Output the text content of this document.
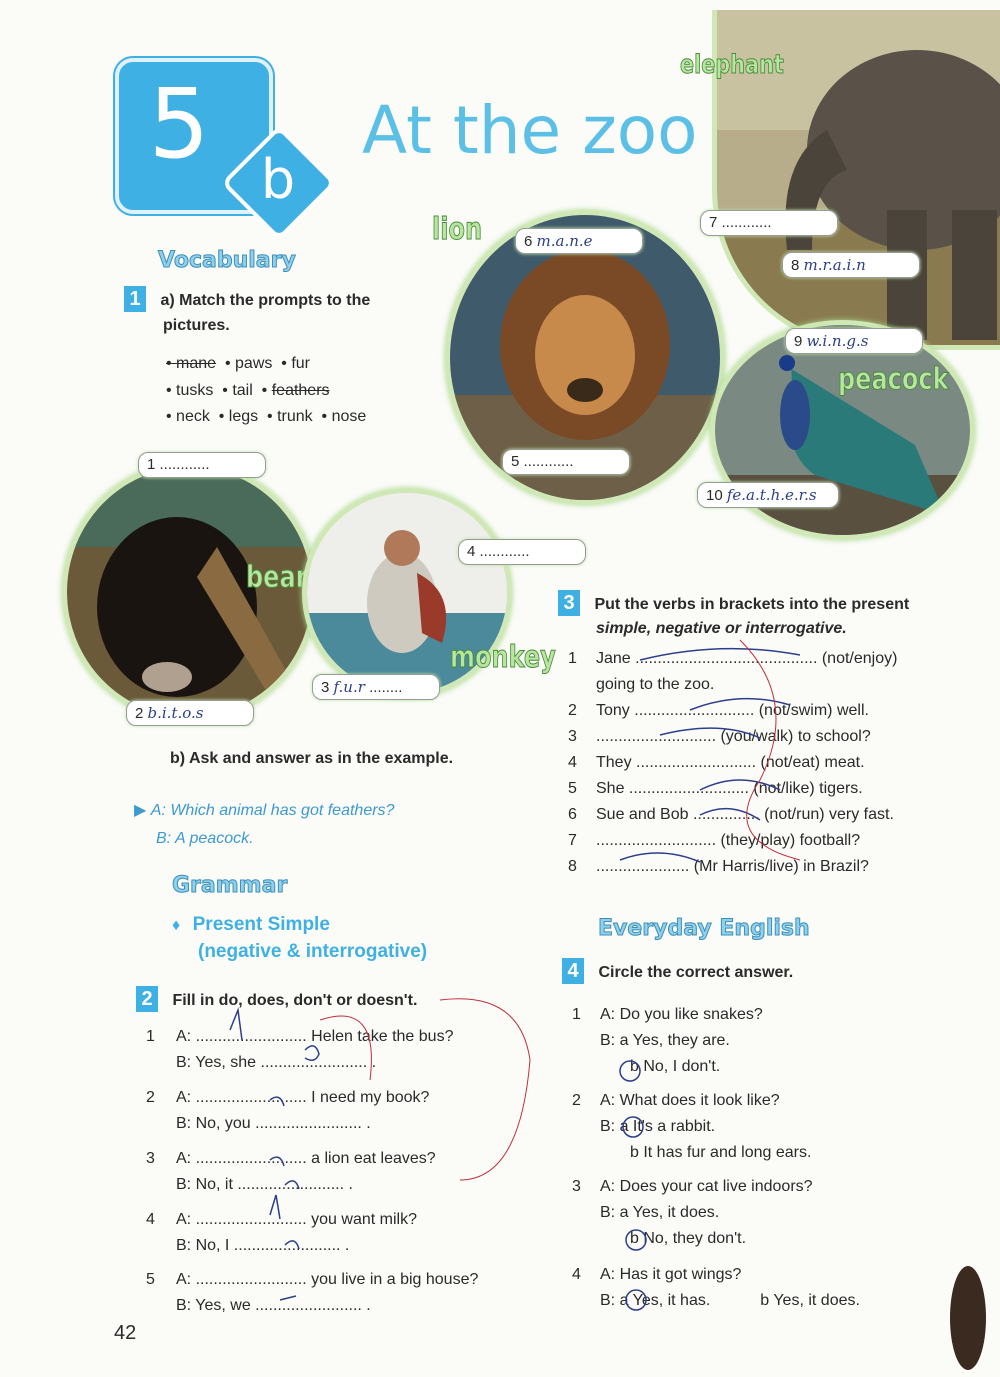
5 b
At the zoo
elephant
lion
peacock
bear
monkey
1 ............
2 b.i.t.o.s
3 f.u.r ........
4 ............
5 ............
6 m.a.n.e
7 ............
8 m.r.a.i.n
9 w.i.n.g.s
10 fe.a.t.h.e.r.s
Vocabulary
1 a) Match the prompts to the
pictures.
• mane  • paws  • fur
• tusks  • tail  • feathers
• neck  • legs  • trunk  • nose
b) Ask and answer as in the example.
▶ A: Which animal has got feathers?
B: A peacock.
Grammar
♦ Present Simple
(negative & interrogative)
2 Fill in do, does, don't or doesn't.
1 A: ......................... Helen take the bus?
B: Yes, she ........................ .
2 A: ......................... I need my book?
B: No, you ........................ .
3 A: ......................... a lion eat leaves?
B: No, it ........................ .
4 A: ......................... you want milk?
B: No, I ........................ .
5 A: ......................... you live in a big house?
B: Yes, we ........................ .
42
3 Put the verbs in brackets into the present
simple, negative or interrogative.
1 Jane ......................................... (not/enjoy)
going to the zoo.
2 Tony ........................... (not/swim) well.
3 ........................... (you/walk) to school?
4 They ........................... (not/eat) meat.
5 She ........................... (not/like) tigers.
6 Sue and Bob ............... (not/run) very fast.
7 ........................... (they/play) football?
8 ..................... (Mr Harris/live) in Brazil?
Everyday English
4 Circle the correct answer.
1 A: Do you like snakes?
B: a Yes, they are.
b No, I don't.
2 A: What does it look like?
B: a It's a rabbit.
b It has fur and long ears.
3 A: Does your cat live indoors?
B: a Yes, it does.
b No, they don't.
4 A: Has it got wings?
B: a Yes, it has.	b Yes, it does.
